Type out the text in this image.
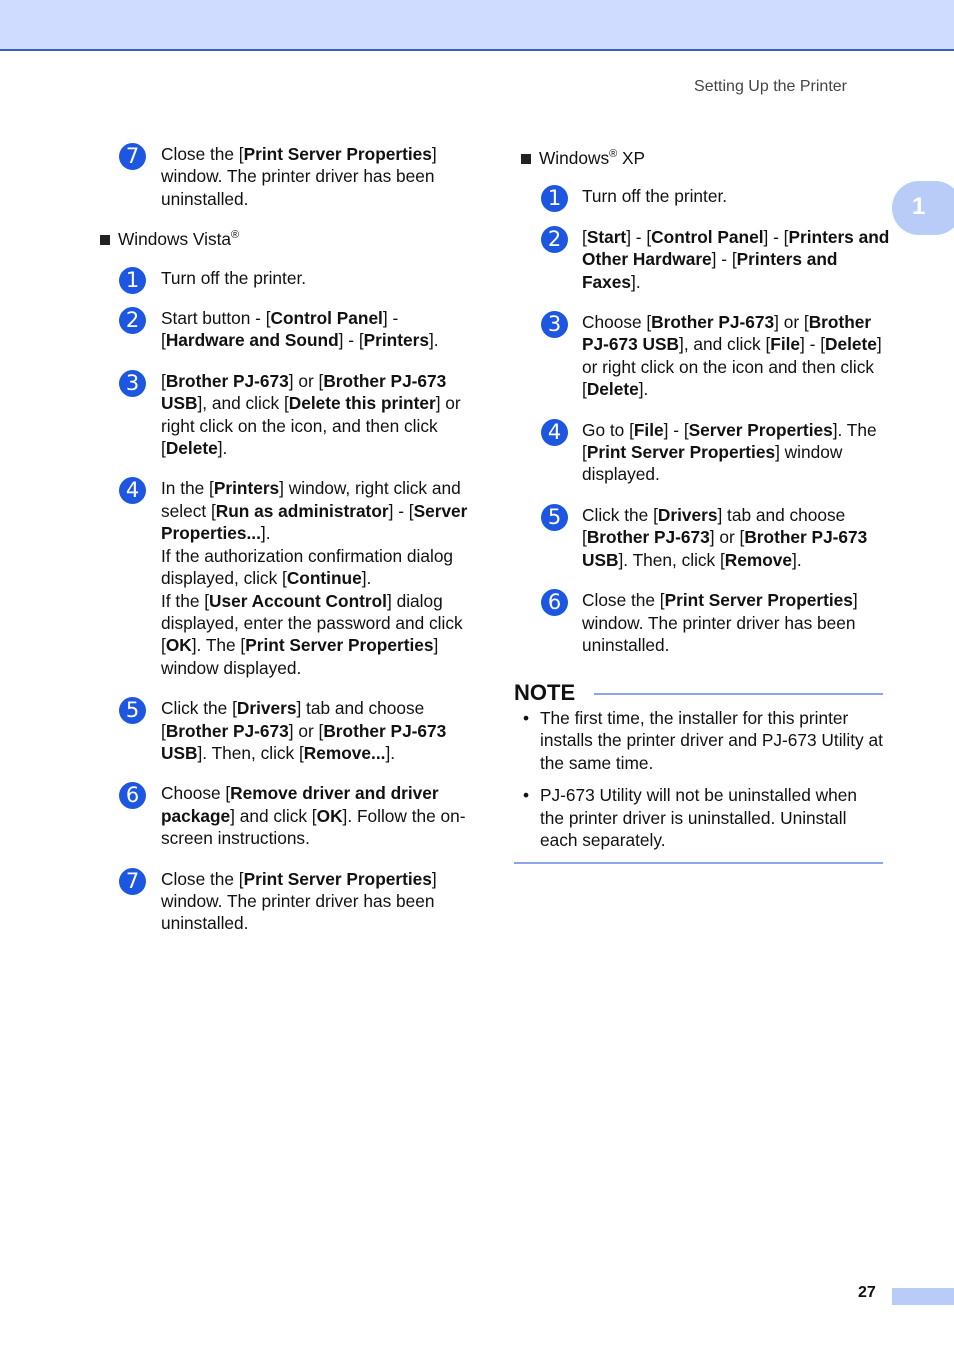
Setting Up the Printer
1
7	Close the [Print Server Properties] window. The printer driver has been uninstalled.
Windows Vista®
1	Turn off the printer.
2	Start button - [Control Panel] - [Hardware and Sound] - [Printers].
3	[Brother PJ-673] or [Brother PJ-673 USB], and click [Delete this printer] or right click on the icon, and then click [Delete].
4	In the [Printers] window, right click and select [Run as administrator] - [Server Properties...].
If the authorization confirmation dialog displayed, click [Continue].
If the [User Account Control] dialog displayed, enter the password and click [OK]. The [Print Server Properties] window displayed.
5	Click the [Drivers] tab and choose [Brother PJ-673] or [Brother PJ-673 USB]. Then, click [Remove...].
6	Choose [Remove driver and driver package] and click [OK]. Follow the on-screen instructions.
7	Close the [Print Server Properties] window. The printer driver has been uninstalled.
Windows® XP
1	Turn off the printer.
2	[Start] - [Control Panel] - [Printers and Other Hardware] - [Printers and Faxes].
3	Choose [Brother PJ-673] or [Brother PJ-673 USB], and click [File] - [Delete] or right click on the icon and then click [Delete].
4	Go to [File] - [Server Properties]. The [Print Server Properties] window displayed.
5	Click the [Drivers] tab and choose [Brother PJ-673] or [Brother PJ-673 USB]. Then, click [Remove].
6	Close the [Print Server Properties] window. The printer driver has been uninstalled.
NOTE
• The first time, the installer for this printer installs the printer driver and PJ-673 Utility at the same time.
• PJ-673 Utility will not be uninstalled when the printer driver is uninstalled. Uninstall each separately.
27
